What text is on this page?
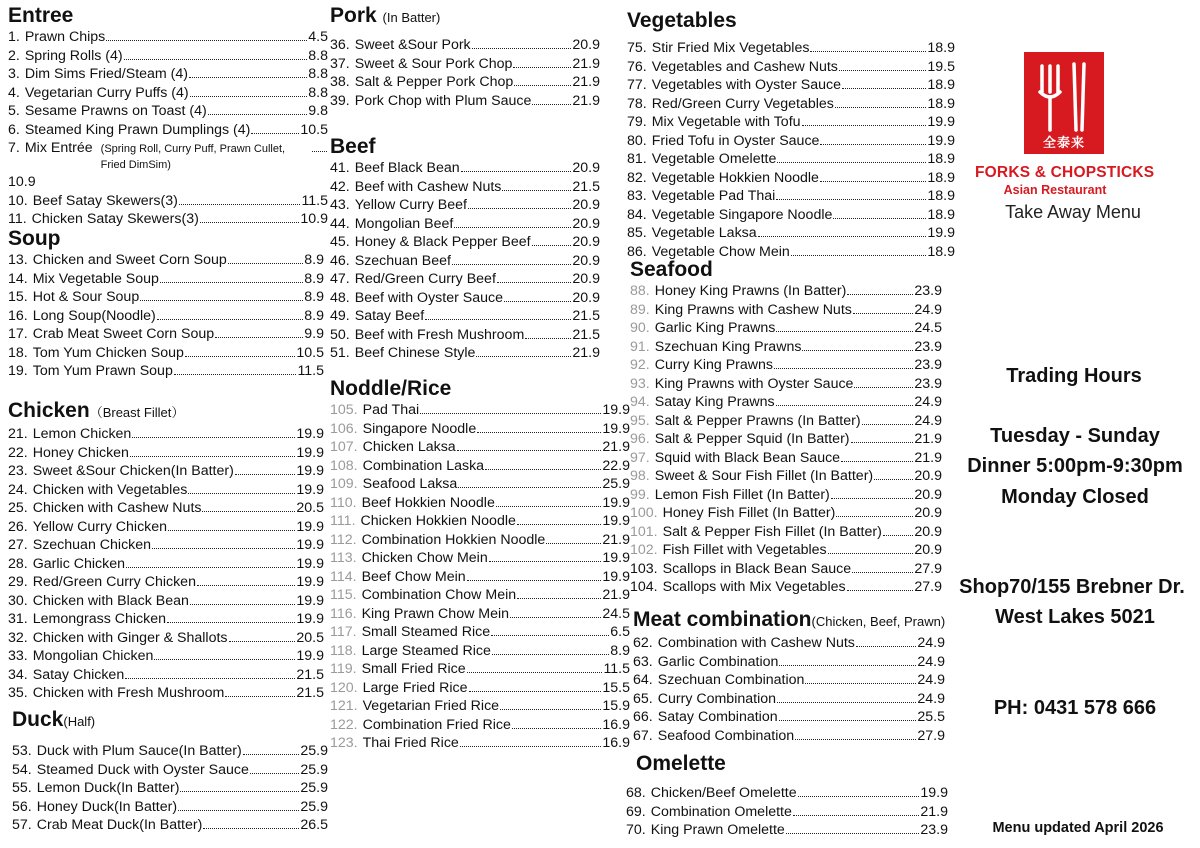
Entree
1. Prawn Chips	4.5
2. Spring Rolls (4)	8.8
3. Dim Sims Fried/Steam (4)	8.8
4. Vegetarian Curry Puffs (4)	8.8
5. Sesame Prawns on Toast (4)	9.8
6. Steamed King Prawn Dumplings (4)	10.5
7. Mix Entrée (Spring Roll, Curry Puff, Prawn Cullet, Fried DimSim)
10.9
10. Beef Satay Skewers(3)	11.5
11. Chicken Satay Skewers(3)	10.9
Soup
13. Chicken and Sweet Corn Soup	8.9
14. Mix Vegetable Soup	8.9
15. Hot & Sour Soup	8.9
16. Long Soup(Noodle)	8.9
17. Crab Meat Sweet Corn Soup	9.9
18. Tom Yum Chicken Soup	10.5
19. Tom Yum Prawn Soup	11.5
Chicken（Breast Fillet）
21. Lemon Chicken	19.9
22. Honey Chicken	19.9
23. Sweet &Sour Chicken(In Batter)	19.9
24. Chicken with Vegetables	19.9
25. Chicken with Cashew Nuts	20.5
26. Yellow Curry Chicken	19.9
27. Szechuan Chicken	19.9
28. Garlic Chicken	19.9
29. Red/Green Curry Chicken	19.9
30. Chicken with Black Bean	19.9
31. Lemongrass Chicken	19.9
32. Chicken with Ginger & Shallots	20.5
33. Mongolian Chicken	19.9
34. Satay Chicken	21.5
35. Chicken with Fresh Mushroom	21.5
Duck(Half)
53. Duck with Plum Sauce(In Batter)	25.9
54. Steamed Duck with Oyster Sauce	25.9
55. Lemon Duck(In Batter)	25.9
56. Honey Duck(In Batter)	25.9
57. Crab Meat Duck(In Batter)	26.5
Pork (In Batter)
36. Sweet &Sour Pork	20.9
37. Sweet & Sour Pork Chop	21.9
38. Salt & Pepper Pork Chop	21.9
39. Pork Chop with Plum Sauce	21.9
Beef
41. Beef Black Bean	20.9
42. Beef with Cashew Nuts	21.5
43. Yellow Curry Beef	20.9
44. Mongolian Beef	20.9
45. Honey & Black Pepper Beef	20.9
46. Szechuan Beef	20.9
47. Red/Green Curry Beef	20.9
48. Beef with Oyster Sauce	20.9
49. Satay Beef	21.5
50. Beef with Fresh Mushroom	21.5
51. Beef Chinese Style	21.9
Noddle/Rice
105. Pad Thai	19.9
106. Singapore Noodle	19.9
107. Chicken Laksa	21.9
108. Combination Laska	22.9
109. Seafood Laksa	25.9
110. Beef Hokkien Noodle	19.9
111. Chicken Hokkien Noodle	19.9
112. Combination Hokkien Noodle	21.9
113. Chicken Chow Mein	19.9
114. Beef Chow Mein	19.9
115. Combination Chow Mein	21.9
116. King Prawn Chow Mein	24.5
117. Small Steamed Rice	6.5
118. Large Steamed Rice	8.9
119. Small Fried Rice	11.5
120. Large Fried Rice	15.5
121. Vegetarian Fried Rice	15.9
122. Combination Fried Rice	16.9
123. Thai Fried Rice	16.9
Vegetables
75. Stir Fried Mix Vegetables	18.9
76. Vegetables and Cashew Nuts	19.5
77. Vegetables with Oyster Sauce	18.9
78. Red/Green Curry Vegetables	18.9
79. Mix Vegetable with Tofu	19.9
80. Fried Tofu in Oyster Sauce	19.9
81. Vegetable Omelette	18.9
82. Vegetable Hokkien Noodle	18.9
83. Vegetable Pad Thai	18.9
84. Vegetable Singapore Noodle	18.9
85. Vegetable Laksa	19.9
86. Vegetable Chow Mein	18.9
Seafood
88. Honey King Prawns (In Batter)	23.9
89. King Prawns with Cashew Nuts	24.9
90. Garlic King Prawns	24.5
91. Szechuan King Prawns	23.9
92. Curry King Prawns	23.9
93. King Prawns with Oyster Sauce	23.9
94. Satay King Prawns	24.9
95. Salt & Pepper Prawns (In Batter)	24.9
96. Salt & Pepper Squid (In Batter)	21.9
97. Squid with Black Bean Sauce	21.9
98. Sweet & Sour Fish Fillet (In Batter)	20.9
99. Lemon Fish Fillet (In Batter)	20.9
100. Honey Fish Fillet (In Batter)	20.9
101. Salt & Pepper Fish Fillet (In Batter) 20.9
102. Fish Fillet with Vegetables	20.9
103. Scallops in Black Bean Sauce	27.9
104. Scallops with Mix Vegetables	27.9
Meat combination(Chicken, Beef, Prawn)
62. Combination with Cashew Nuts	24.9
63. Garlic Combination	24.9
64. Szechuan Combination	24.9
65. Curry Combination	24.9
66. Satay Combination	25.5
67. Seafood Combination	27.9
Omelette
68. Chicken/Beef Omelette	19.9
69. Combination Omelette	21.9
70. King Prawn Omelette	23.9
全泰来
FORKS & CHOPSTICKS
Asian Restaurant
Take Away Menu
Trading Hours
Tuesday - Sunday
Dinner 5:00pm-9:30pm
Monday Closed
Shop70/155 Brebner Dr.
West Lakes 5021
PH: 0431 578 666
Menu updated April 2026
